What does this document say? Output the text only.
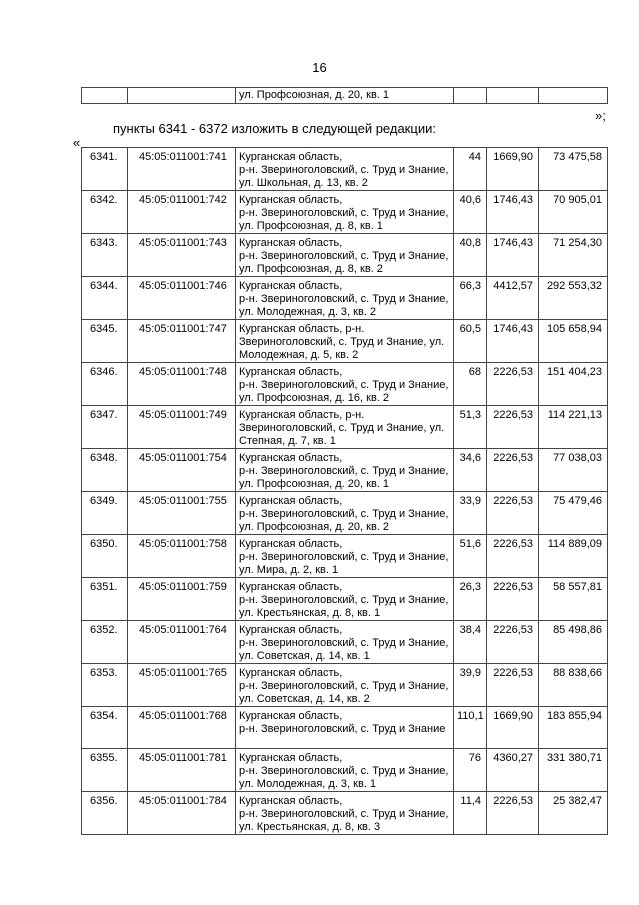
16
		ул. Профсоюзная, д. 20, кв. 1			
»;
пункты 6341 - 6372 изложить в следующей редакции:
«
6341.	45:05:011001:741	Курганская область,
р-н. Звериноголовский, с. Труд и Знание,
ул. Школьная, д. 13, кв. 2	44	1669,90	73 475,58
6342.	45:05:011001:742	Курганская область,
р-н. Звериноголовский, с. Труд и Знание,
ул. Профсоюзная, д. 8, кв. 1	40,6	1746,43	70 905,01
6343.	45:05:011001:743	Курганская область,
р-н. Звериноголовский, с. Труд и Знание,
ул. Профсоюзная, д. 8, кв. 2	40,8	1746,43	71 254,30
6344.	45:05:011001:746	Курганская область,
р-н. Звериноголовский, с. Труд и Знание,
ул. Молодежная, д. 3, кв. 2	66,3	4412,57	292 553,32
6345.	45:05:011001:747	Курганская область, р-н.
Звериноголовский, с. Труд и Знание, ул.
Молодежная, д. 5, кв. 2	60,5	1746,43	105 658,94
6346.	45:05:011001:748	Курганская область,
р-н. Звериноголовский, с. Труд и Знание,
ул. Профсоюзная, д. 16, кв. 2	68	2226,53	151 404,23
6347.	45:05:011001:749	Курганская область, р-н.
Звериноголовский, с. Труд и Знание, ул.
Степная, д. 7, кв. 1	51,3	2226,53	114 221,13
6348.	45:05:011001:754	Курганская область,
р-н. Звериноголовский, с. Труд и Знание,
ул. Профсоюзная, д. 20, кв. 1	34,6	2226,53	77 038,03
6349.	45:05:011001:755	Курганская область,
р-н. Звериноголовский, с. Труд и Знание,
ул. Профсоюзная, д. 20, кв. 2	33,9	2226,53	75 479,46
6350.	45:05:011001:758	Курганская область,
р-н. Звериноголовский, с. Труд и Знание,
ул. Мира, д. 2, кв. 1	51,6	2226,53	114 889,09
6351.	45:05:011001:759	Курганская область,
р-н. Звериноголовский, с. Труд и Знание,
ул. Крестьянская, д. 8, кв. 1	26,3	2226,53	58 557,81
6352.	45:05:011001:764	Курганская область,
р-н. Звериноголовский, с. Труд и Знание,
ул. Советская, д. 14, кв. 1	38,4	2226,53	85 498,86
6353.	45:05:011001:765	Курганская область,
р-н. Звериноголовский, с. Труд и Знание,
ул. Советская, д. 14, кв. 2	39,9	2226,53	88 838,66
6354.	45:05:011001:768	Курганская область,
р-н. Звериноголовский, с. Труд и Знание	110,1	1669,90	183 855,94
6355.	45:05:011001:781	Курганская область,
р-н. Звериноголовский, с. Труд и Знание,
ул. Молодежная, д. 3, кв. 1	76	4360,27	331 380,71
6356.	45:05:011001:784	Курганская область,
р-н. Звериноголовский, с. Труд и Знание,
ул. Крестьянская, д. 8, кв. 3	11,4	2226,53	25 382,47
